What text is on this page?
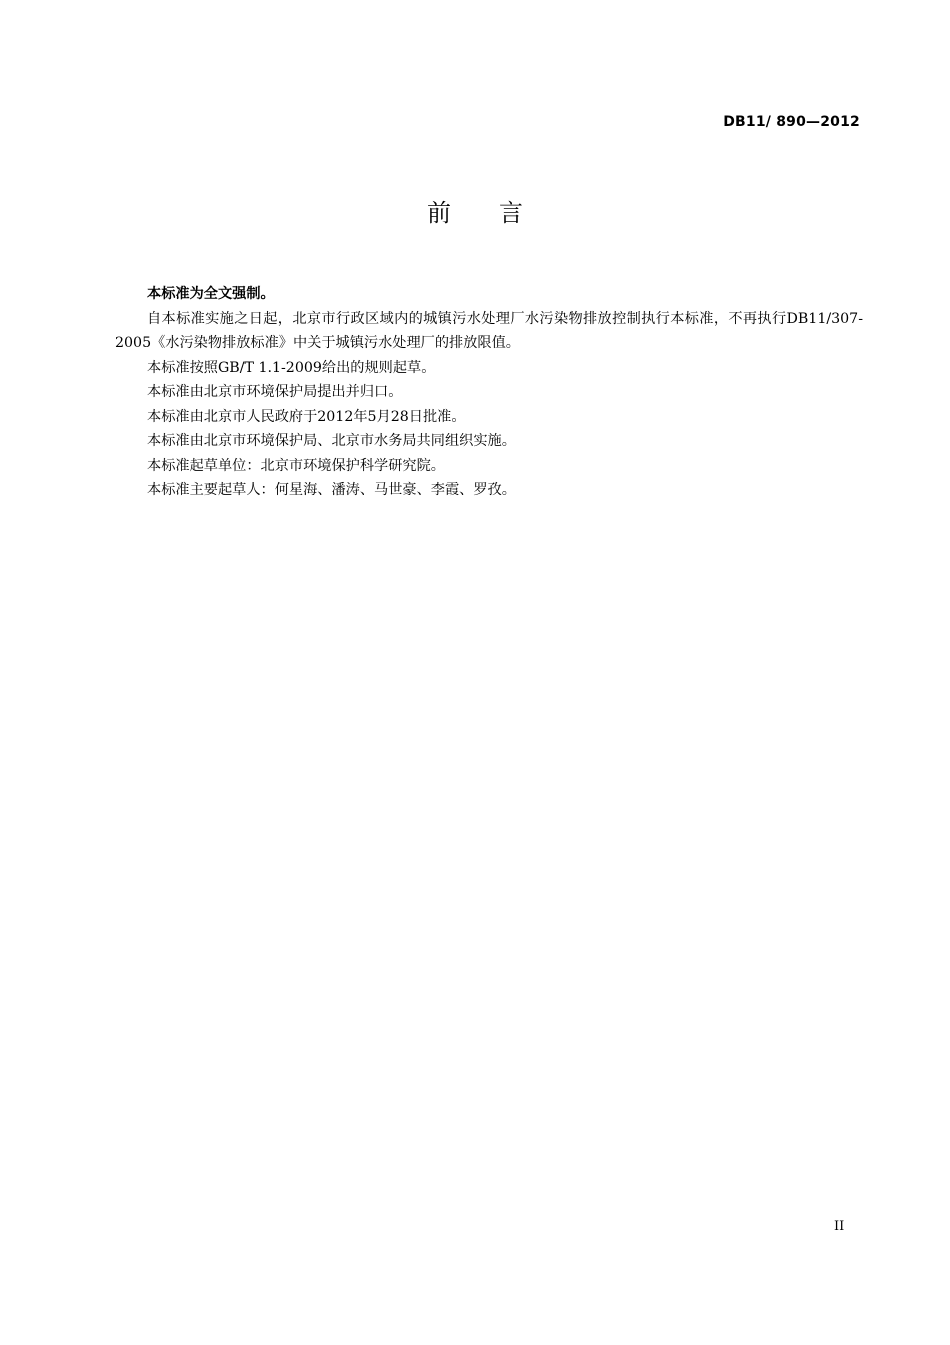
DB11/ 890—2012
前 言

本标准为全文强制。

自本标准实施之日起，北京市行政区域内的城镇污水处理厂水污染物排放控制执行本标准，不再执行DB11/307-2005《水污染物排放标准》中关于城镇污水处理厂的排放限值。

本标准按照GB/T 1.1-2009给出的规则起草。

本标准由北京市环境保护局提出并归口。

本标准由北京市人民政府于2012年5月28日批准。

本标准由北京市环境保护局、北京市水务局共同组织实施。

本标准起草单位：北京市环境保护科学研究院。

本标准主要起草人：何星海、潘涛、马世豪、李霞、罗孜。

II
